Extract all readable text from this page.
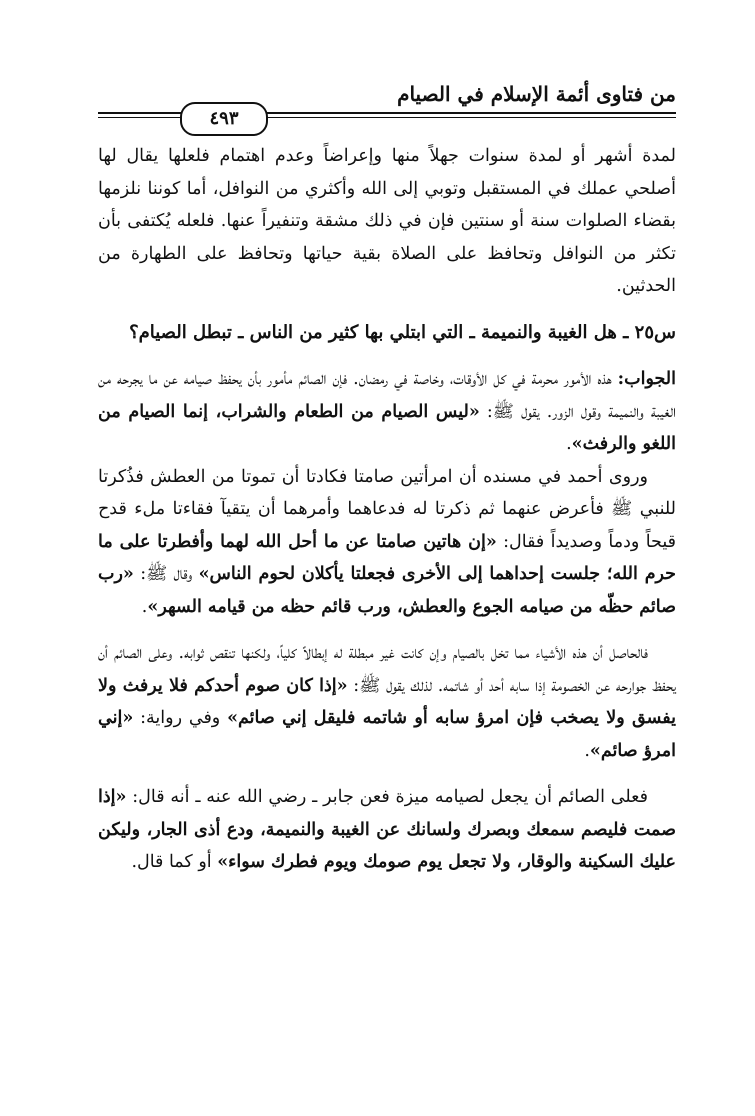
من فتاوى أئمة الإسلام في الصيام
٤٩٣

لمدة أشهر أو لمدة سنوات جهلاً منها وإعراضاً وعدم اهتمام فلعلها يقال لها أصلحي عملك في المستقبل وتوبي إلى الله وأكثري من النوافل، أما كوننا نلزمها بقضاء الصلوات سنة أو سنتين فإن في ذلك مشقة وتنفيراً عنها. فلعله يُكتفى بأن تكثر من النوافل وتحافظ على الصلاة بقية حياتها وتحافظ على الطهارة من الحدثين.

س٢٥ ـ هل الغيبة والنميمة ـ التي ابتلي بها كثير من الناس ـ تبطل الصيام؟

الجواب: هذه الأمور محرمة في كل الأوقات، وخاصة في رمضان. فإن الصائم مأمور بأن يحفظ صيامه عن ما يجرحه من الغيبة والنميمة وقول الزور. يقول ﷺ: «ليس الصيام من الطعام والشراب، إنما الصيام من اللغو والرفث».

وروى أحمد في مسنده أن امرأتين صامتا فكادتا أن تموتا من العطش فذُكرتا للنبي ﷺ فأعرض عنهما ثم ذكرتا له فدعاهما وأمرهما أن يتقيآ فقاءتا ملء قدح قيحاً ودماً وصديداً فقال: «إن هاتين صامتا عن ما أحل الله لهما وأفطرتا على ما حرم الله؛ جلست إحداهما إلى الأخرى فجعلتا يأكلان لحوم الناس» وقال ﷺ: «رب صائم حظّه من صيامه الجوع والعطش، ورب قائم حظه من قيامه السهر».

فالحاصل أن هذه الأشياء مما تخل بالصيام وإن كانت غير مبطلة له إبطالاً كلياً، ولكنها تنقص ثوابه. وعلى الصائم أن يحفظ جوارحه عن الخصومة إذا سابه أحد أو شاتمه. لذلك يقول ﷺ: «إذا كان صوم أحدكم فلا يرفث ولا يفسق ولا يصخب فإن امرؤ سابه أو شاتمه فليقل إني صائم» وفي رواية: «إني امرؤ صائم».

فعلى الصائم أن يجعل لصيامه ميزة فعن جابر ـ رضي الله عنه ـ أنه قال: «إذا صمت فليصم سمعك وبصرك ولسانك عن الغيبة والنميمة، ودع أذى الجار، وليكن عليك السكينة والوقار، ولا تجعل يوم صومك ويوم فطرك سواء» أو كما قال.
